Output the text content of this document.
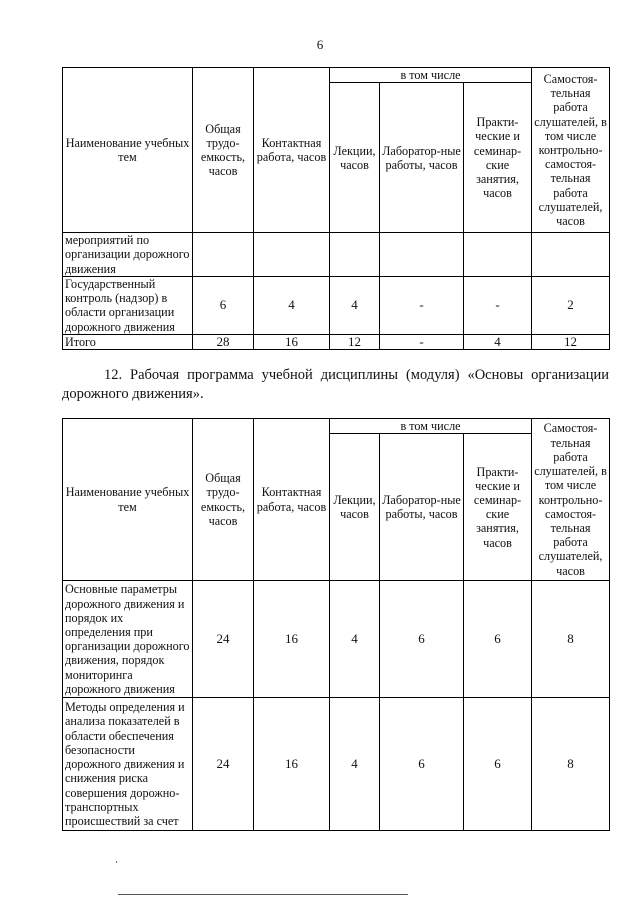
6
Наименование учебных тем	Общая трудо-емкость, часов	Контактная работа, часов	в том числе			Самостоя-тельная работа слушателей, в том числе контрольно-самостоя-тельная работа слушателей, часов
			Лекции, часов	Лаборатор-ные работы, часов	Практи-ческие и семинар-ские занятия, часов	
мероприятий по организации дорожного движения						
Государственный контроль (надзор) в области организации дорожного движения	6	4	4	-	-	2
Итого	28	16	12	-	4	12
12. Рабочая программа учебной дисциплины (модуля) «Основы организации дорожного движения».
Наименование учебных тем	Общая трудо-емкость, часов	Контактная работа, часов	в том числе			Самостоя-тельная работа слушателей, в том числе контрольно-самостоя-тельная работа слушателей, часов
			Лекции, часов	Лаборатор-ные работы, часов	Практи-ческие и семинар-ские занятия, часов	
Основные параметры дорожного движения и порядок их определения при организации дорожного движения, порядок мониторинга дорожного движения	24	16	4	6	6	8
Методы определения и анализа показателей в области обеспечения безопасности дорожного движения и снижения риска совершения дорожно-транспортных происшествий за счет	24	16	4	6	6	8
